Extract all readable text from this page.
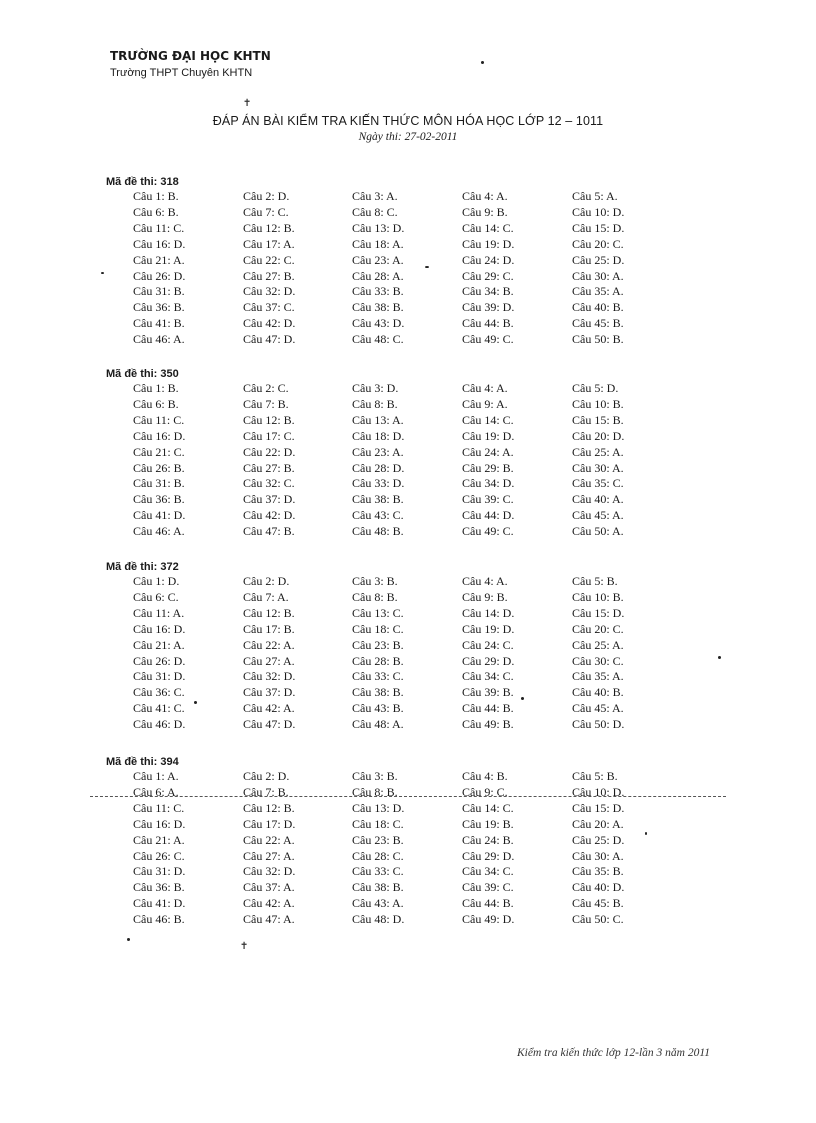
TRƯỜNG ĐẠI HỌC KHTN
Trường THPT Chuyên KHTN
✝
ĐÁP ÁN BÀI KIỂM TRA KIẾN THỨC MÔN HÓA HỌC LỚP 12 – 1011
Ngày thi: 27-02-2011
Mã đề thi: 318
Câu 1: B.	Câu 2: D.	Câu 3: A.	Câu 4: A.	Câu 5: A.
Câu 6: B.	Câu 7: C.	Câu 8: C.	Câu 9: B.	Câu 10: D.
Câu 11: C.	Câu 12: B.	Câu 13: D.	Câu 14: C.	Câu 15: D.
Câu 16: D.	Câu 17: A.	Câu 18: A.	Câu 19: D.	Câu 20: C.
Câu 21: A.	Câu 22: C.	Câu 23: A.	Câu 24: D.	Câu 25: D.
Câu 26: D.	Câu 27: B.	Câu 28: A.	Câu 29: C.	Câu 30: A.
Câu 31: B.	Câu 32: D.	Câu 33: B.	Câu 34: B.	Câu 35: A.
Câu 36: B.	Câu 37: C.	Câu 38: B.	Câu 39: D.	Câu 40: B.
Câu 41: B.	Câu 42: D.	Câu 43: D.	Câu 44: B.	Câu 45: B.
Câu 46: A.	Câu 47: D.	Câu 48: C.	Câu 49: C.	Câu 50: B.
Mã đề thi: 350
Câu 1: B.	Câu 2: C.	Câu 3: D.	Câu 4: A.	Câu 5: D.
Câu 6: B.	Câu 7: B.	Câu 8: B.	Câu 9: A.	Câu 10: B.
Câu 11: C.	Câu 12: B.	Câu 13: A.	Câu 14: C.	Câu 15: B.
Câu 16: D.	Câu 17: C.	Câu 18: D.	Câu 19: D.	Câu 20: D.
Câu 21: C.	Câu 22: D.	Câu 23: A.	Câu 24: A.	Câu 25: A.
Câu 26: B.	Câu 27: B.	Câu 28: D.	Câu 29: B.	Câu 30: A.
Câu 31: B.	Câu 32: C.	Câu 33: D.	Câu 34: D.	Câu 35: C.
Câu 36: B.	Câu 37: D.	Câu 38: B.	Câu 39: C.	Câu 40: A.
Câu 41: D.	Câu 42: D.	Câu 43: C.	Câu 44: D.	Câu 45: A.
Câu 46: A.	Câu 47: B.	Câu 48: B.	Câu 49: C.	Câu 50: A.
Mã đề thi: 372
Câu 1: D.	Câu 2: D.	Câu 3: B.	Câu 4: A.	Câu 5: B.
Câu 6: C.	Câu 7: A.	Câu 8: B.	Câu 9: B.	Câu 10: B.
Câu 11: A.	Câu 12: B.	Câu 13: C.	Câu 14: D.	Câu 15: D.
Câu 16: D.	Câu 17: B.	Câu 18: C.	Câu 19: D.	Câu 20: C.
Câu 21: A.	Câu 22: A.	Câu 23: B.	Câu 24: C.	Câu 25: A.
Câu 26: D.	Câu 27: A.	Câu 28: B.	Câu 29: D.	Câu 30: C.
Câu 31: D.	Câu 32: D.	Câu 33: C.	Câu 34: C.	Câu 35: A.
Câu 36: C.	Câu 37: D.	Câu 38: B.	Câu 39: B.	Câu 40: B.
Câu 41: C.	Câu 42: A.	Câu 43: B.	Câu 44: B.	Câu 45: A.
Câu 46: D.	Câu 47: D.	Câu 48: A.	Câu 49: B.	Câu 50: D.
Mã đề thi: 394
Câu 1: A.	Câu 2: D.	Câu 3: B.	Câu 4: B.	Câu 5: B.
Câu 6: A.	Câu 7: B.	Câu 8: B.	Câu 9: C.	Câu 10: D.
Câu 11: C.	Câu 12: B.	Câu 13: D.	Câu 14: C.	Câu 15: D.
Câu 16: D.	Câu 17: D.	Câu 18: C.	Câu 19: B.	Câu 20: A.
Câu 21: A.	Câu 22: A.	Câu 23: B.	Câu 24: B.	Câu 25: D.
Câu 26: C.	Câu 27: A.	Câu 28: C.	Câu 29: D.	Câu 30: A.
Câu 31: D.	Câu 32: D.	Câu 33: C.	Câu 34: C.	Câu 35: B.
Câu 36: B.	Câu 37: A.	Câu 38: B.	Câu 39: C.	Câu 40: D.
Câu 41: D.	Câu 42: A.	Câu 43: A.	Câu 44: B.	Câu 45: B.
Câu 46: B.	Câu 47: A.	Câu 48: D.	Câu 49: D.	Câu 50: C.
✝
Kiểm tra kiến thức lớp 12-lần 3 năm 2011
